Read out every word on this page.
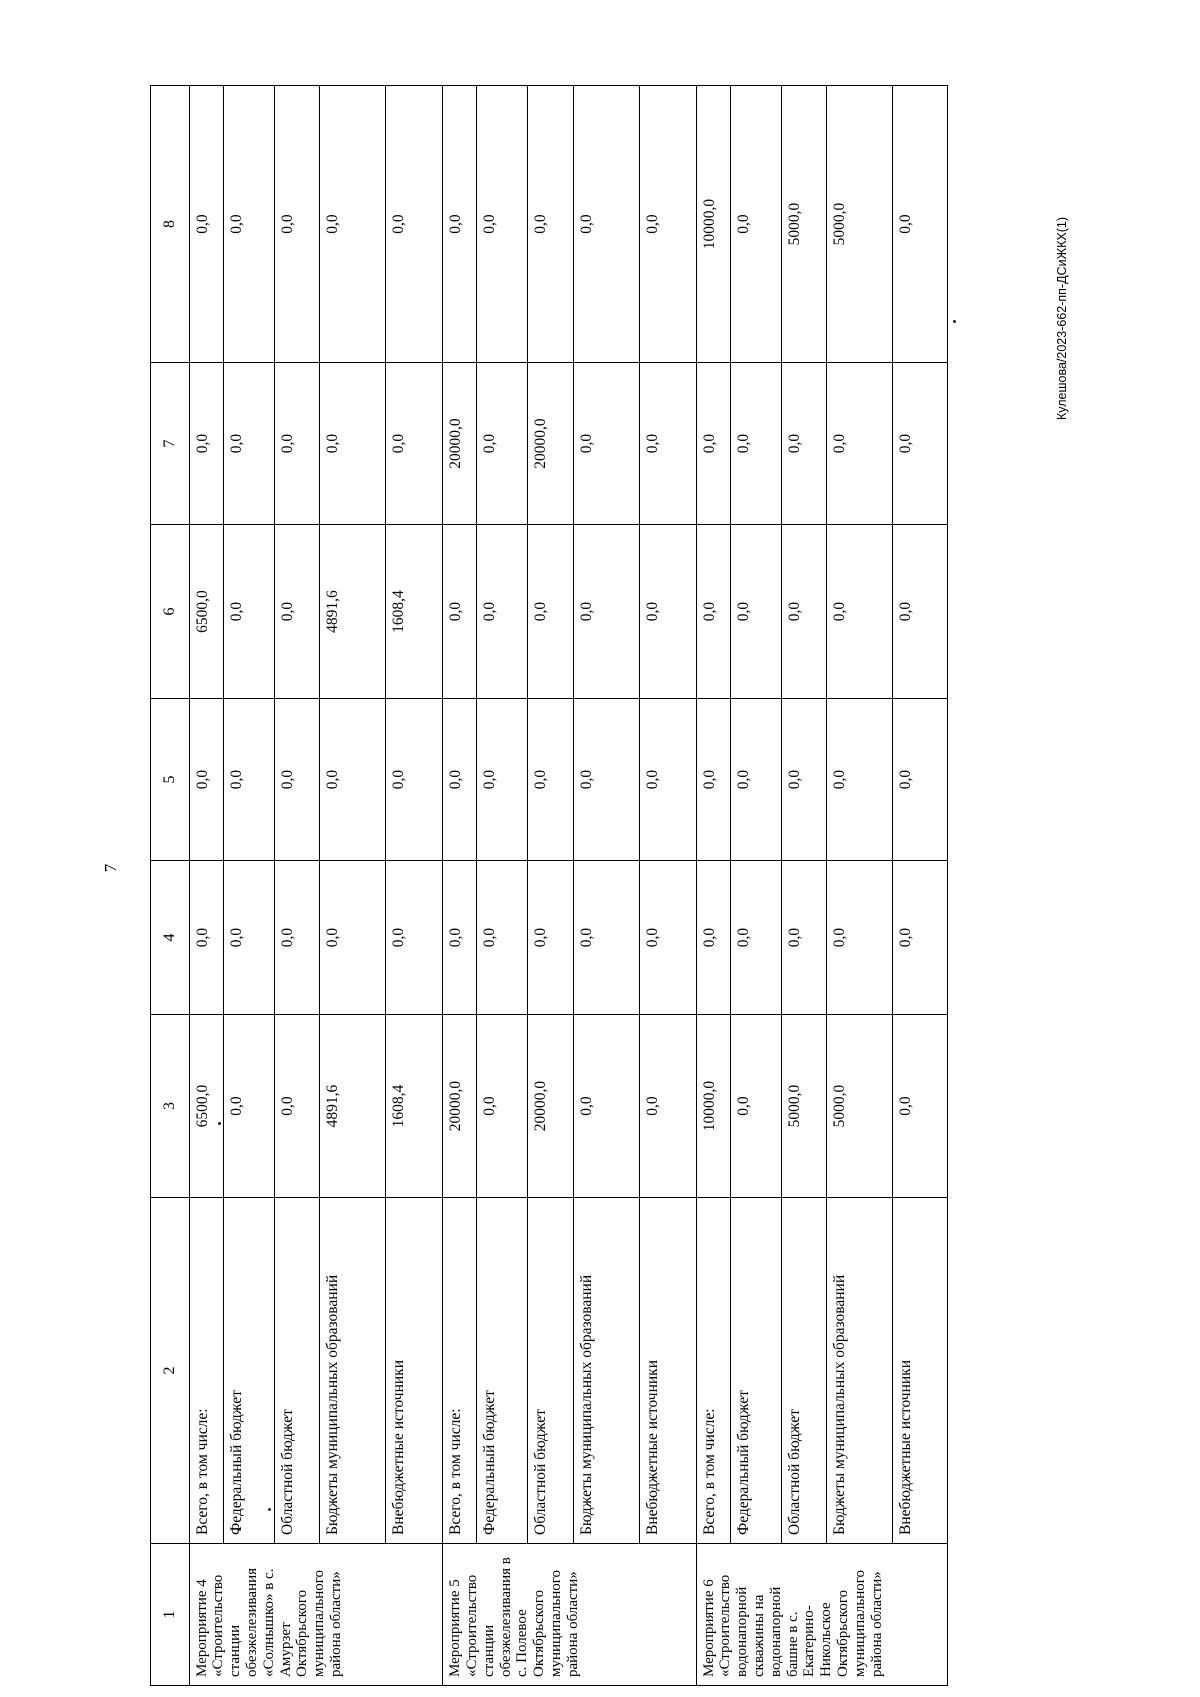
7
Кулешова/2023-662-пп-ДСиЖКХ(1)
1	2	3	4	5	6	7	8
Мероприятие 4 «Строительство станции обезжелезивания «Солнышко» в с. Амурзет Октябрьского муниципального района области»	Всего, в том числе:	6500,0	0,0	0,0	6500,0	0,0	0,0
	Федеральный бюджет	0,0	0,0	0,0	0,0	0,0	0,0
	Областной бюджет	0,0	0,0	0,0	0,0	0,0	0,0
	Бюджеты муниципальных образований	4891,6	0,0	0,0	4891,6	0,0	0,0
	Внебюджетные источники	1608,4	0,0	0,0	1608,4	0,0	0,0
Мероприятие 5 «Строительство станции обезжелезивания в с. Полевое Октябрьского муниципального района области»	Всего, в том числе:	20000,0	0,0	0,0	0,0	20000,0	0,0
	Федеральный бюджет	0,0	0,0	0,0	0,0	0,0	0,0
	Областной бюджет	20000,0	0,0	0,0	0,0	20000,0	0,0
	Бюджеты муниципальных образований	0,0	0,0	0,0	0,0	0,0	0,0
	Внебюджетные источники	0,0	0,0	0,0	0,0	0,0	0,0
Мероприятие 6 «Строительство водонапорной скважины на водонапорной башне в с. Екатерино-Никольское Октябрьского муниципального района области»	Всего, в том числе:	10000,0	0,0	0,0	0,0	0,0	10000,0
	Федеральный бюджет	0,0	0,0	0,0	0,0	0,0	0,0
	Областной бюджет	5000,0	0,0	0,0	0,0	0,0	5000,0
	Бюджеты муниципальных образований	5000,0	0,0	0,0	0,0	0,0	5000,0
	Внебюджетные источники	0,0	0,0	0,0	0,0	0,0	0,0
